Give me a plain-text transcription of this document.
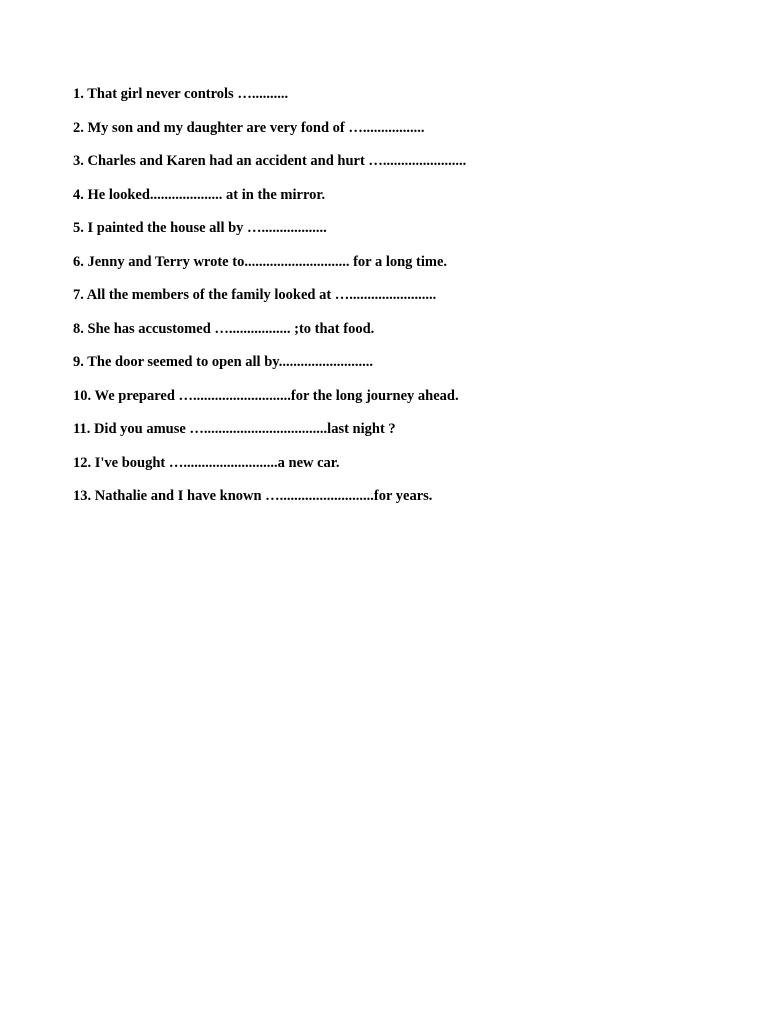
1. That girl never controls …..........
2. My son and my daughter are very fond of ….................
3. Charles and Karen had an accident and hurt ….......................
4. He looked.................... at in the mirror.
5. I painted the house all by …..................
6. Jenny and Terry wrote to............................. for a long time.
7. All the members of the family looked at …........................
8. She has accustomed …................. ;to that food.
9. The door seemed to open all by..........................
10. We prepared …...........................for the long journey ahead.
11. Did you amuse …..................................last night ?
12. I've bought …..........................a new car.
13. Nathalie and I have known …..........................for years.
